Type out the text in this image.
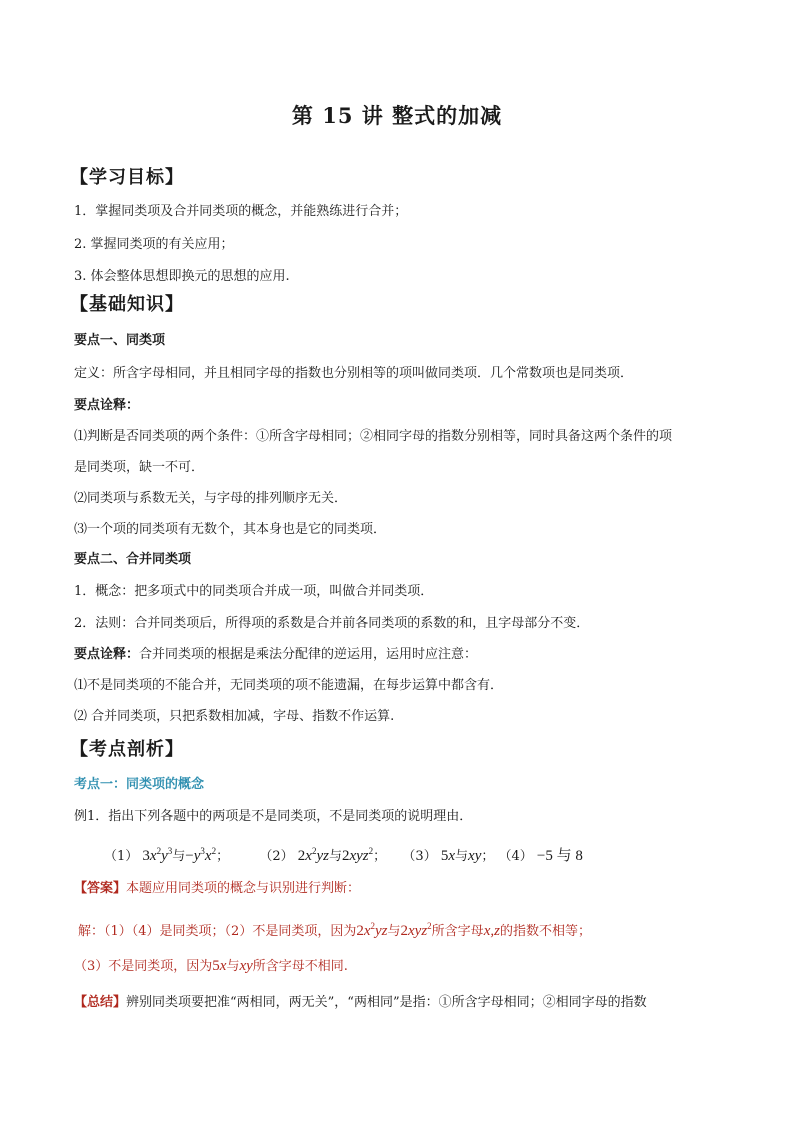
第 15 讲 整式的加减
【学习目标】
1．掌握同类项及合并同类项的概念，并能熟练进行合并；
2. 掌握同类项的有关应用；
3. 体会整体思想即换元的思想的应用.
【基础知识】
要点一、同类项
定义：所含字母相同，并且相同字母的指数也分别相等的项叫做同类项．几个常数项也是同类项．
要点诠释：
⑴判断是否同类项的两个条件：①所含字母相同；②相同字母的指数分别相等，同时具备这两个条件的项
是同类项，缺一不可．
⑵同类项与系数无关，与字母的排列顺序无关．
⑶一个项的同类项有无数个，其本身也是它的同类项．
要点二、合并同类项
1．概念：把多项式中的同类项合并成一项，叫做合并同类项．
2．法则：合并同类项后，所得项的系数是合并前各同类项的系数的和，且字母部分不变．
要点诠释：合并同类项的根据是乘法分配律的逆运用，运用时应注意：
⑴不是同类项的不能合并，无同类项的项不能遗漏，在每步运算中都含有．
⑵ 合并同类项，只把系数相加减，字母、指数不作运算.
【考点剖析】
考点一：同类项的概念
例1．指出下列各题中的两项是不是同类项，不是同类项的说明理由．
（1） $3x^2y^3$与$-y^3x^2$；  （2） $2x^2yz$与2xyz$^2$；  （3） 5x与xy； （4） −5 与 8
【答案】本题应用同类项的概念与识别进行判断：
解：（1）（4）是同类项；（2）不是同类项，因为$2x^2yz$与2xyz$^2$所含字母x,z的指数不相等；
（3）不是同类项，因为5x与xy所含字母不相同.
【总结】辨别同类项要把准“两相同，两无关”，“两相同”是指：①所含字母相同；②相同字母的指数
